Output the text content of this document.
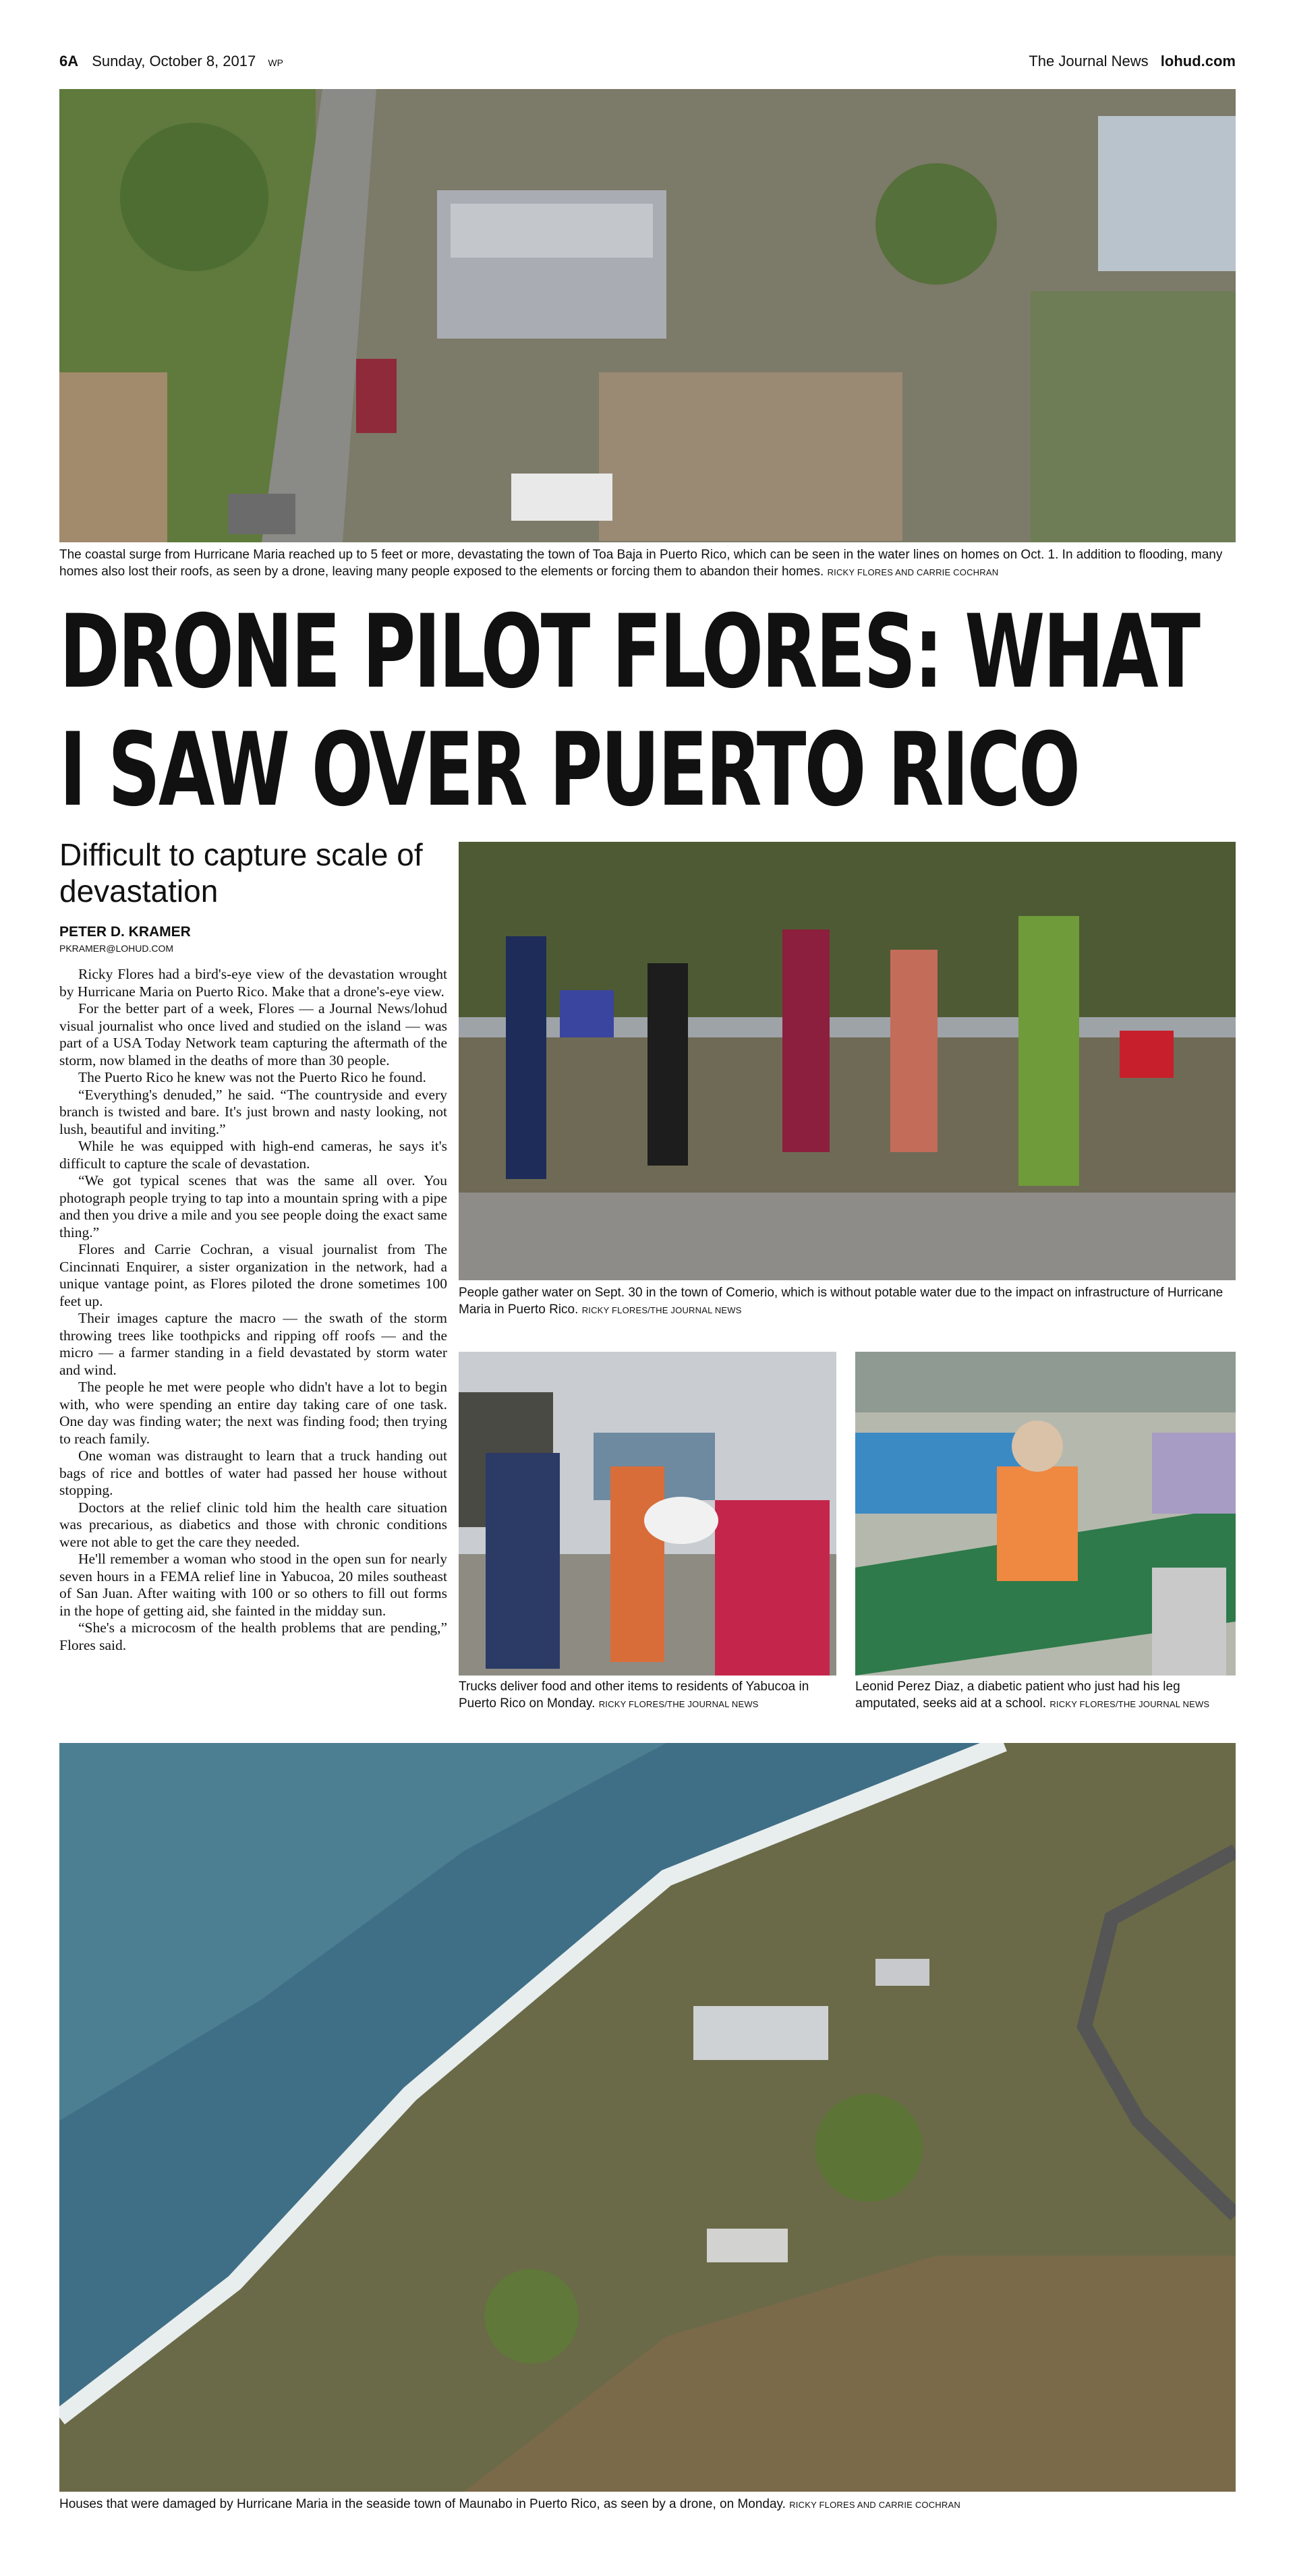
6A Sunday, October 8, 2017 WP	The Journal News lohud.com
The coastal surge from Hurricane Maria reached up to 5 feet or more, devastating the town of Toa Baja in Puerto Rico, which can be seen in the water lines on homes on Oct. 1. In addition to flooding, many homes also lost their roofs, as seen by a drone, leaving many people exposed to the elements or forcing them to abandon their homes. RICKY FLORES AND CARRIE COCHRAN
DRONE PILOT FLORES: WHAT
I SAW OVER PUERTO RICO
Difficult to capture scale of devastation
PETER D. KRAMER
PKRAMER@LOHUD.COM

Ricky Flores had a bird's-eye view of the devastation wrought by Hurricane Maria on Puerto Rico. Make that a drone's-eye view.

For the better part of a week, Flores — a Journal News/lohud visual journalist who once lived and studied on the island — was part of a USA Today Network team capturing the aftermath of the storm, now blamed in the deaths of more than 30 people.

The Puerto Rico he knew was not the Puerto Rico he found.

“Everything's denuded,” he said. “The countryside and every branch is twisted and bare. It's just brown and nasty looking, not lush, beautiful and inviting.”

While he was equipped with high-end cameras, he says it's difficult to capture the scale of devastation.

“We got typical scenes that was the same all over. You photograph people trying to tap into a mountain spring with a pipe and then you drive a mile and you see people doing the exact same thing.”

Flores and Carrie Cochran, a visual journalist from The Cincinnati Enquirer, a sister organization in the network, had a unique vantage point, as Flores piloted the drone sometimes 100 feet up.

Their images capture the macro — the swath of the storm throwing trees like toothpicks and ripping off roofs — and the micro — a farmer standing in a field devastated by storm water and wind.

The people he met were people who didn't have a lot to begin with, who were spending an entire day taking care of one task. One day was finding water; the next was finding food; then trying to reach family.

One woman was distraught to learn that a truck handing out bags of rice and bottles of water had passed her house without stopping.

Doctors at the relief clinic told him the health care situation was precarious, as diabetics and those with chronic conditions were not able to get the care they needed.

He'll remember a woman who stood in the open sun for nearly seven hours in a FEMA relief line in Yabucoa, 20 miles southeast of San Juan. After waiting with 100 or so others to fill out forms in the hope of getting aid, she fainted in the midday sun.

“She's a microcosm of the health problems that are pending,” Flores said.

People gather water on Sept. 30 in the town of Comerio, which is without potable water due to the impact on infrastructure of Hurricane Maria in Puerto Rico. RICKY FLORES/THE JOURNAL NEWS
Trucks deliver food and other items to residents of Yabucoa in Puerto Rico on Monday. RICKY FLORES/THE JOURNAL NEWS
Leonid Perez Diaz, a diabetic patient who just had his leg amputated, seeks aid at a school. RICKY FLORES/THE JOURNAL NEWS
Houses that were damaged by Hurricane Maria in the seaside town of Maunabo in Puerto Rico, as seen by a drone, on Monday. RICKY FLORES AND CARRIE COCHRAN
